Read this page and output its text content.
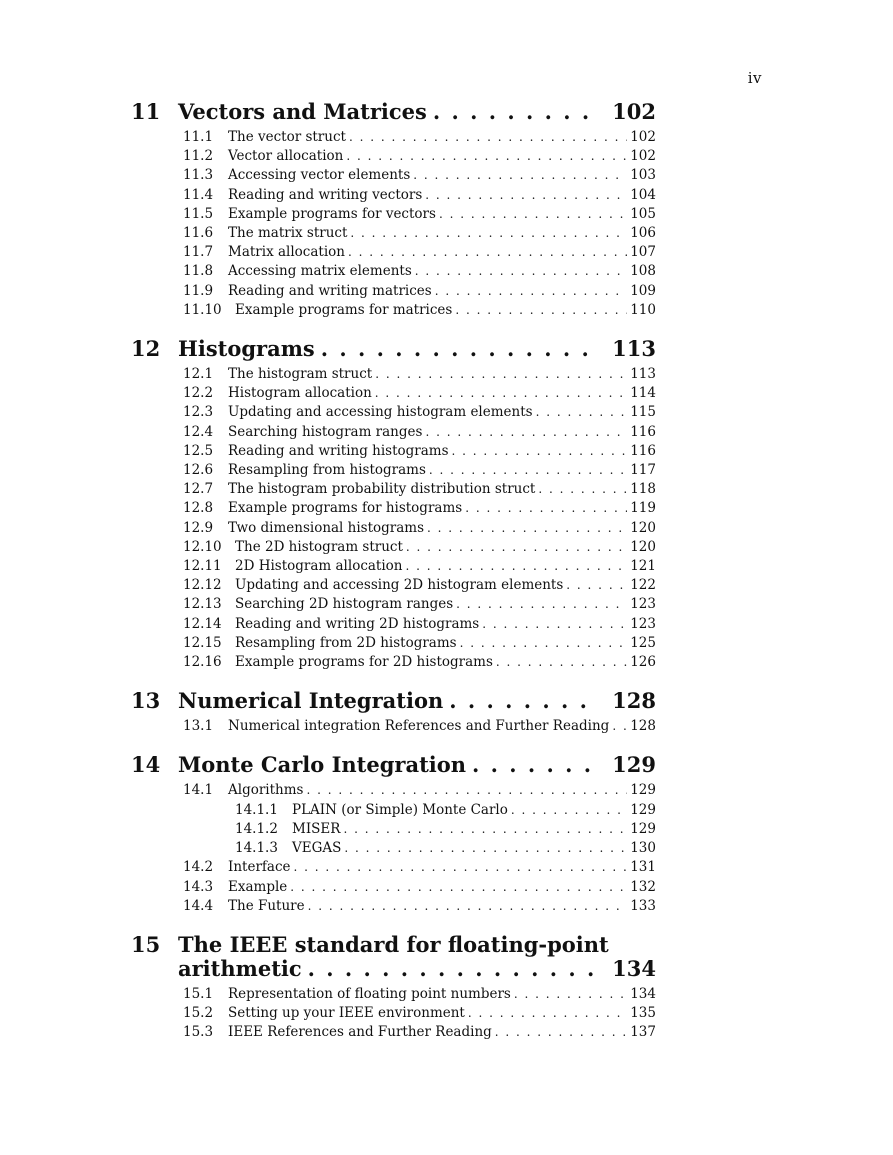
iv
11 Vectors and Matrices . . .	102
11.1	The vector struct . . .	102
11.2	Vector allocation . . .	102
11.3	Accessing vector elements . . .	103
11.4	Reading and writing vectors . . .	104
11.5	Example programs for vectors . . .	105
11.6	The matrix struct . . .	106
11.7	Matrix allocation . . .	107
11.8	Accessing matrix elements . . .	108
11.9	Reading and writing matrices . . .	109
11.10 Example programs for matrices . . .	110
12 Histograms . . .	113
12.1	The histogram struct . . .	113
12.2	Histogram allocation . . .	114
12.3	Updating and accessing histogram elements . . .	115
12.4	Searching histogram ranges . . .	116
12.5	Reading and writing histograms . . .	116
12.6	Resampling from histograms . . .	117
12.7	The histogram probability distribution struct . . .	118
12.8	Example programs for histograms . . .	119
12.9	Two dimensional histograms . . .	120
12.10 The 2D histogram struct . . .	120
12.11 2D Histogram allocation . . .	121
12.12 Updating and accessing 2D histogram elements . . .	122
12.13 Searching 2D histogram ranges . . .	123
12.14 Reading and writing 2D histograms . . .	123
12.15 Resampling from 2D histograms . . .	125
12.16 Example programs for 2D histograms . . .	126
13 Numerical Integration . . .	128
13.1	Numerical integration References and Further Reading . . . 128
14 Monte Carlo Integration . . .	129
14.1	Algorithms . . .	129
14.1.1	PLAIN (or Simple) Monte Carlo . . .	129
14.1.2	MISER . . .	129
14.1.3	VEGAS . . .	130
14.2	Interface . . .	131
14.3	Example . . .	132
14.4	The Future . . .	133
15 The IEEE standard for floating-point
arithmetic . . .	134
15.1	Representation of floating point numbers . . .	134
15.2	Setting up your IEEE environment . . .	135
15.3	IEEE References and Further Reading . . .	137
